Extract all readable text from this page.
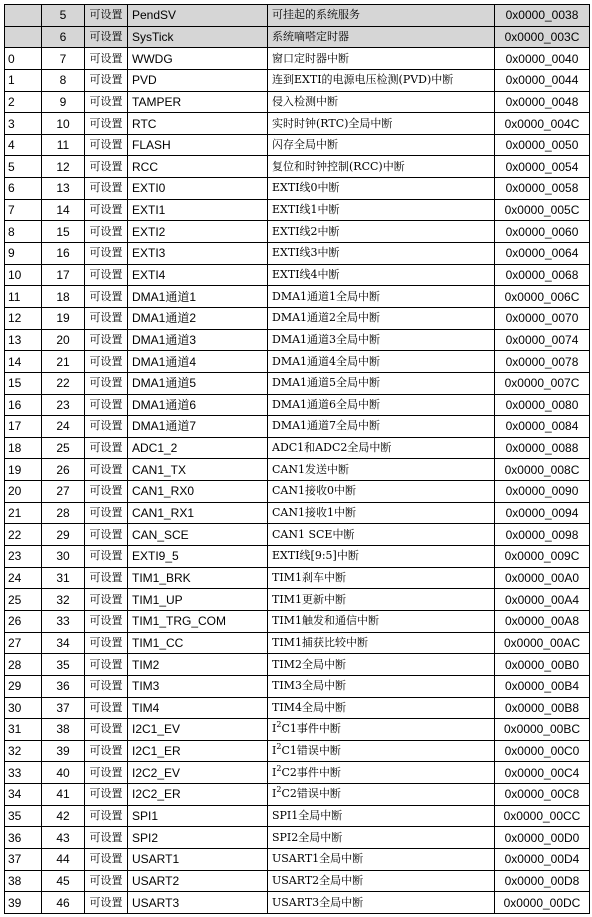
	5	可设置	PendSV	可挂起的系统服务	0x0000_0038
	6	可设置	SysTick	系统嘀嗒定时器	0x0000_003C
0	7	可设置	WWDG	窗口定时器中断	0x0000_0040
1	8	可设置	PVD	连到EXTI的电源电压检测(PVD)中断	0x0000_0044
2	9	可设置	TAMPER	侵入检测中断	0x0000_0048
3	10	可设置	RTC	实时时钟(RTC)全局中断	0x0000_004C
4	11	可设置	FLASH	闪存全局中断	0x0000_0050
5	12	可设置	RCC	复位和时钟控制(RCC)中断	0x0000_0054
6	13	可设置	EXTI0	EXTI线0中断	0x0000_0058
7	14	可设置	EXTI1	EXTI线1中断	0x0000_005C
8	15	可设置	EXTI2	EXTI线2中断	0x0000_0060
9	16	可设置	EXTI3	EXTI线3中断	0x0000_0064
10	17	可设置	EXTI4	EXTI线4中断	0x0000_0068
11	18	可设置	DMA1通道1	DMA1通道1全局中断	0x0000_006C
12	19	可设置	DMA1通道2	DMA1通道2全局中断	0x0000_0070
13	20	可设置	DMA1通道3	DMA1通道3全局中断	0x0000_0074
14	21	可设置	DMA1通道4	DMA1通道4全局中断	0x0000_0078
15	22	可设置	DMA1通道5	DMA1通道5全局中断	0x0000_007C
16	23	可设置	DMA1通道6	DMA1通道6全局中断	0x0000_0080
17	24	可设置	DMA1通道7	DMA1通道7全局中断	0x0000_0084
18	25	可设置	ADC1_2	ADC1和ADC2全局中断	0x0000_0088
19	26	可设置	CAN1_TX	CAN1发送中断	0x0000_008C
20	27	可设置	CAN1_RX0	CAN1接收0中断	0x0000_0090
21	28	可设置	CAN1_RX1	CAN1接收1中断	0x0000_0094
22	29	可设置	CAN_SCE	CAN1 SCE中断	0x0000_0098
23	30	可设置	EXTI9_5	EXTI线[9:5]中断	0x0000_009C
24	31	可设置	TIM1_BRK	TIM1刹车中断	0x0000_00A0
25	32	可设置	TIM1_UP	TIM1更新中断	0x0000_00A4
26	33	可设置	TIM1_TRG_COM	TIM1触发和通信中断	0x0000_00A8
27	34	可设置	TIM1_CC	TIM1捕获比较中断	0x0000_00AC
28	35	可设置	TIM2	TIM2全局中断	0x0000_00B0
29	36	可设置	TIM3	TIM3全局中断	0x0000_00B4
30	37	可设置	TIM4	TIM4全局中断	0x0000_00B8
31	38	可设置	I2C1_EV	$I^2C1$事件中断	0x0000_00BC
32	39	可设置	I2C1_ER	$I^2C1$错误中断	0x0000_00C0
33	40	可设置	I2C2_EV	$I^2C2$事件中断	0x0000_00C4
34	41	可设置	I2C2_ER	$I^2C2$错误中断	0x0000_00C8
35	42	可设置	SPI1	SPI1全局中断	0x0000_00CC
36	43	可设置	SPI2	SPI2全局中断	0x0000_00D0
37	44	可设置	USART1	USART1全局中断	0x0000_00D4
38	45	可设置	USART2	USART2全局中断	0x0000_00D8
39	46	可设置	USART3	USART3全局中断	0x0000_00DC
